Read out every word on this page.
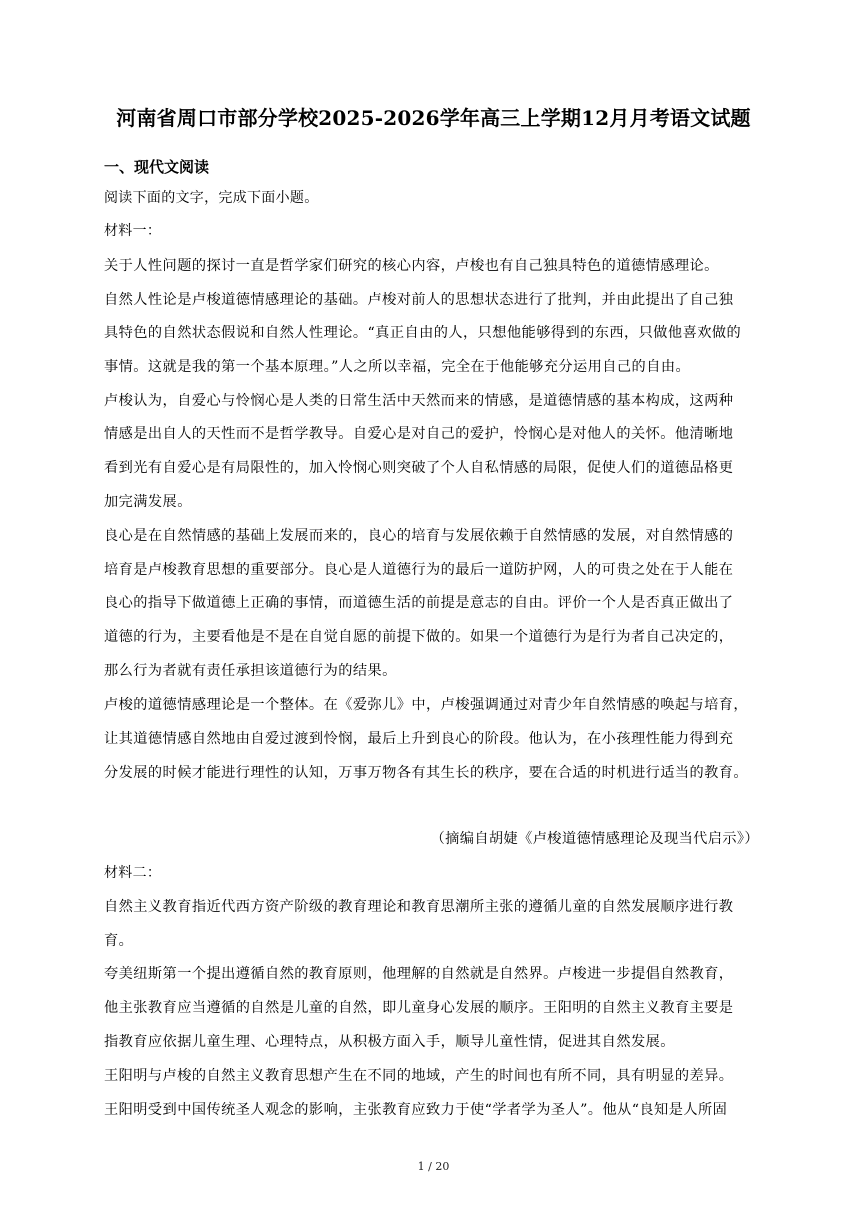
河南省周口市部分学校2025-2026学年高三上学期12月月考语文试题
一、现代文阅读
阅读下面的文字，完成下面小题。
材料一：
关于人性问题的探讨一直是哲学家们研究的核心内容，卢梭也有自己独具特色的道德情感理论。
自然人性论是卢梭道德情感理论的基础。卢梭对前人的思想状态进行了批判，并由此提出了自己独
具特色的自然状态假说和自然人性理论。“真正自由的人，只想他能够得到的东西，只做他喜欢做的
事情。这就是我的第一个基本原理。”人之所以幸福，完全在于他能够充分运用自己的自由。
卢梭认为，自爱心与怜悯心是人类的日常生活中天然而来的情感，是道德情感的基本构成，这两种
情感是出自人的天性而不是哲学教导。自爱心是对自己的爱护，怜悯心是对他人的关怀。他清晰地
看到光有自爱心是有局限性的，加入怜悯心则突破了个人自私情感的局限，促使人们的道德品格更
加完满发展。
良心是在自然情感的基础上发展而来的，良心的培育与发展依赖于自然情感的发展，对自然情感的
培育是卢梭教育思想的重要部分。良心是人道德行为的最后一道防护网，人的可贵之处在于人能在
良心的指导下做道德上正确的事情，而道德生活的前提是意志的自由。评价一个人是否真正做出了
道德的行为，主要看他是不是在自觉自愿的前提下做的。如果一个道德行为是行为者自己决定的，
那么行为者就有责任承担该道德行为的结果。
卢梭的道德情感理论是一个整体。在《爱弥儿》中，卢梭强调通过对青少年自然情感的唤起与培育，
让其道德情感自然地由自爱过渡到怜悯，最后上升到良心的阶段。他认为，在小孩理性能力得到充
分发展的时候才能进行理性的认知，万事万物各有其生长的秩序，要在合适的时机进行适当的教育。
（摘编自胡婕《卢梭道德情感理论及现当代启示》）
材料二：
自然主义教育指近代西方资产阶级的教育理论和教育思潮所主张的遵循儿童的自然发展顺序进行教
育。
夸美纽斯第一个提出遵循自然的教育原则，他理解的自然就是自然界。卢梭进一步提倡自然教育，
他主张教育应当遵循的自然是儿童的自然，即儿童身心发展的顺序。王阳明的自然主义教育主要是
指教育应依据儿童生理、心理特点，从积极方面入手，顺导儿童性情，促进其自然发展。
王阳明与卢梭的自然主义教育思想产生在不同的地域，产生的时间也有所不同，具有明显的差异。
王阳明受到中国传统圣人观念的影响，主张教育应致力于使“学者学为圣人”。他从“良知是人所固
1 / 20
